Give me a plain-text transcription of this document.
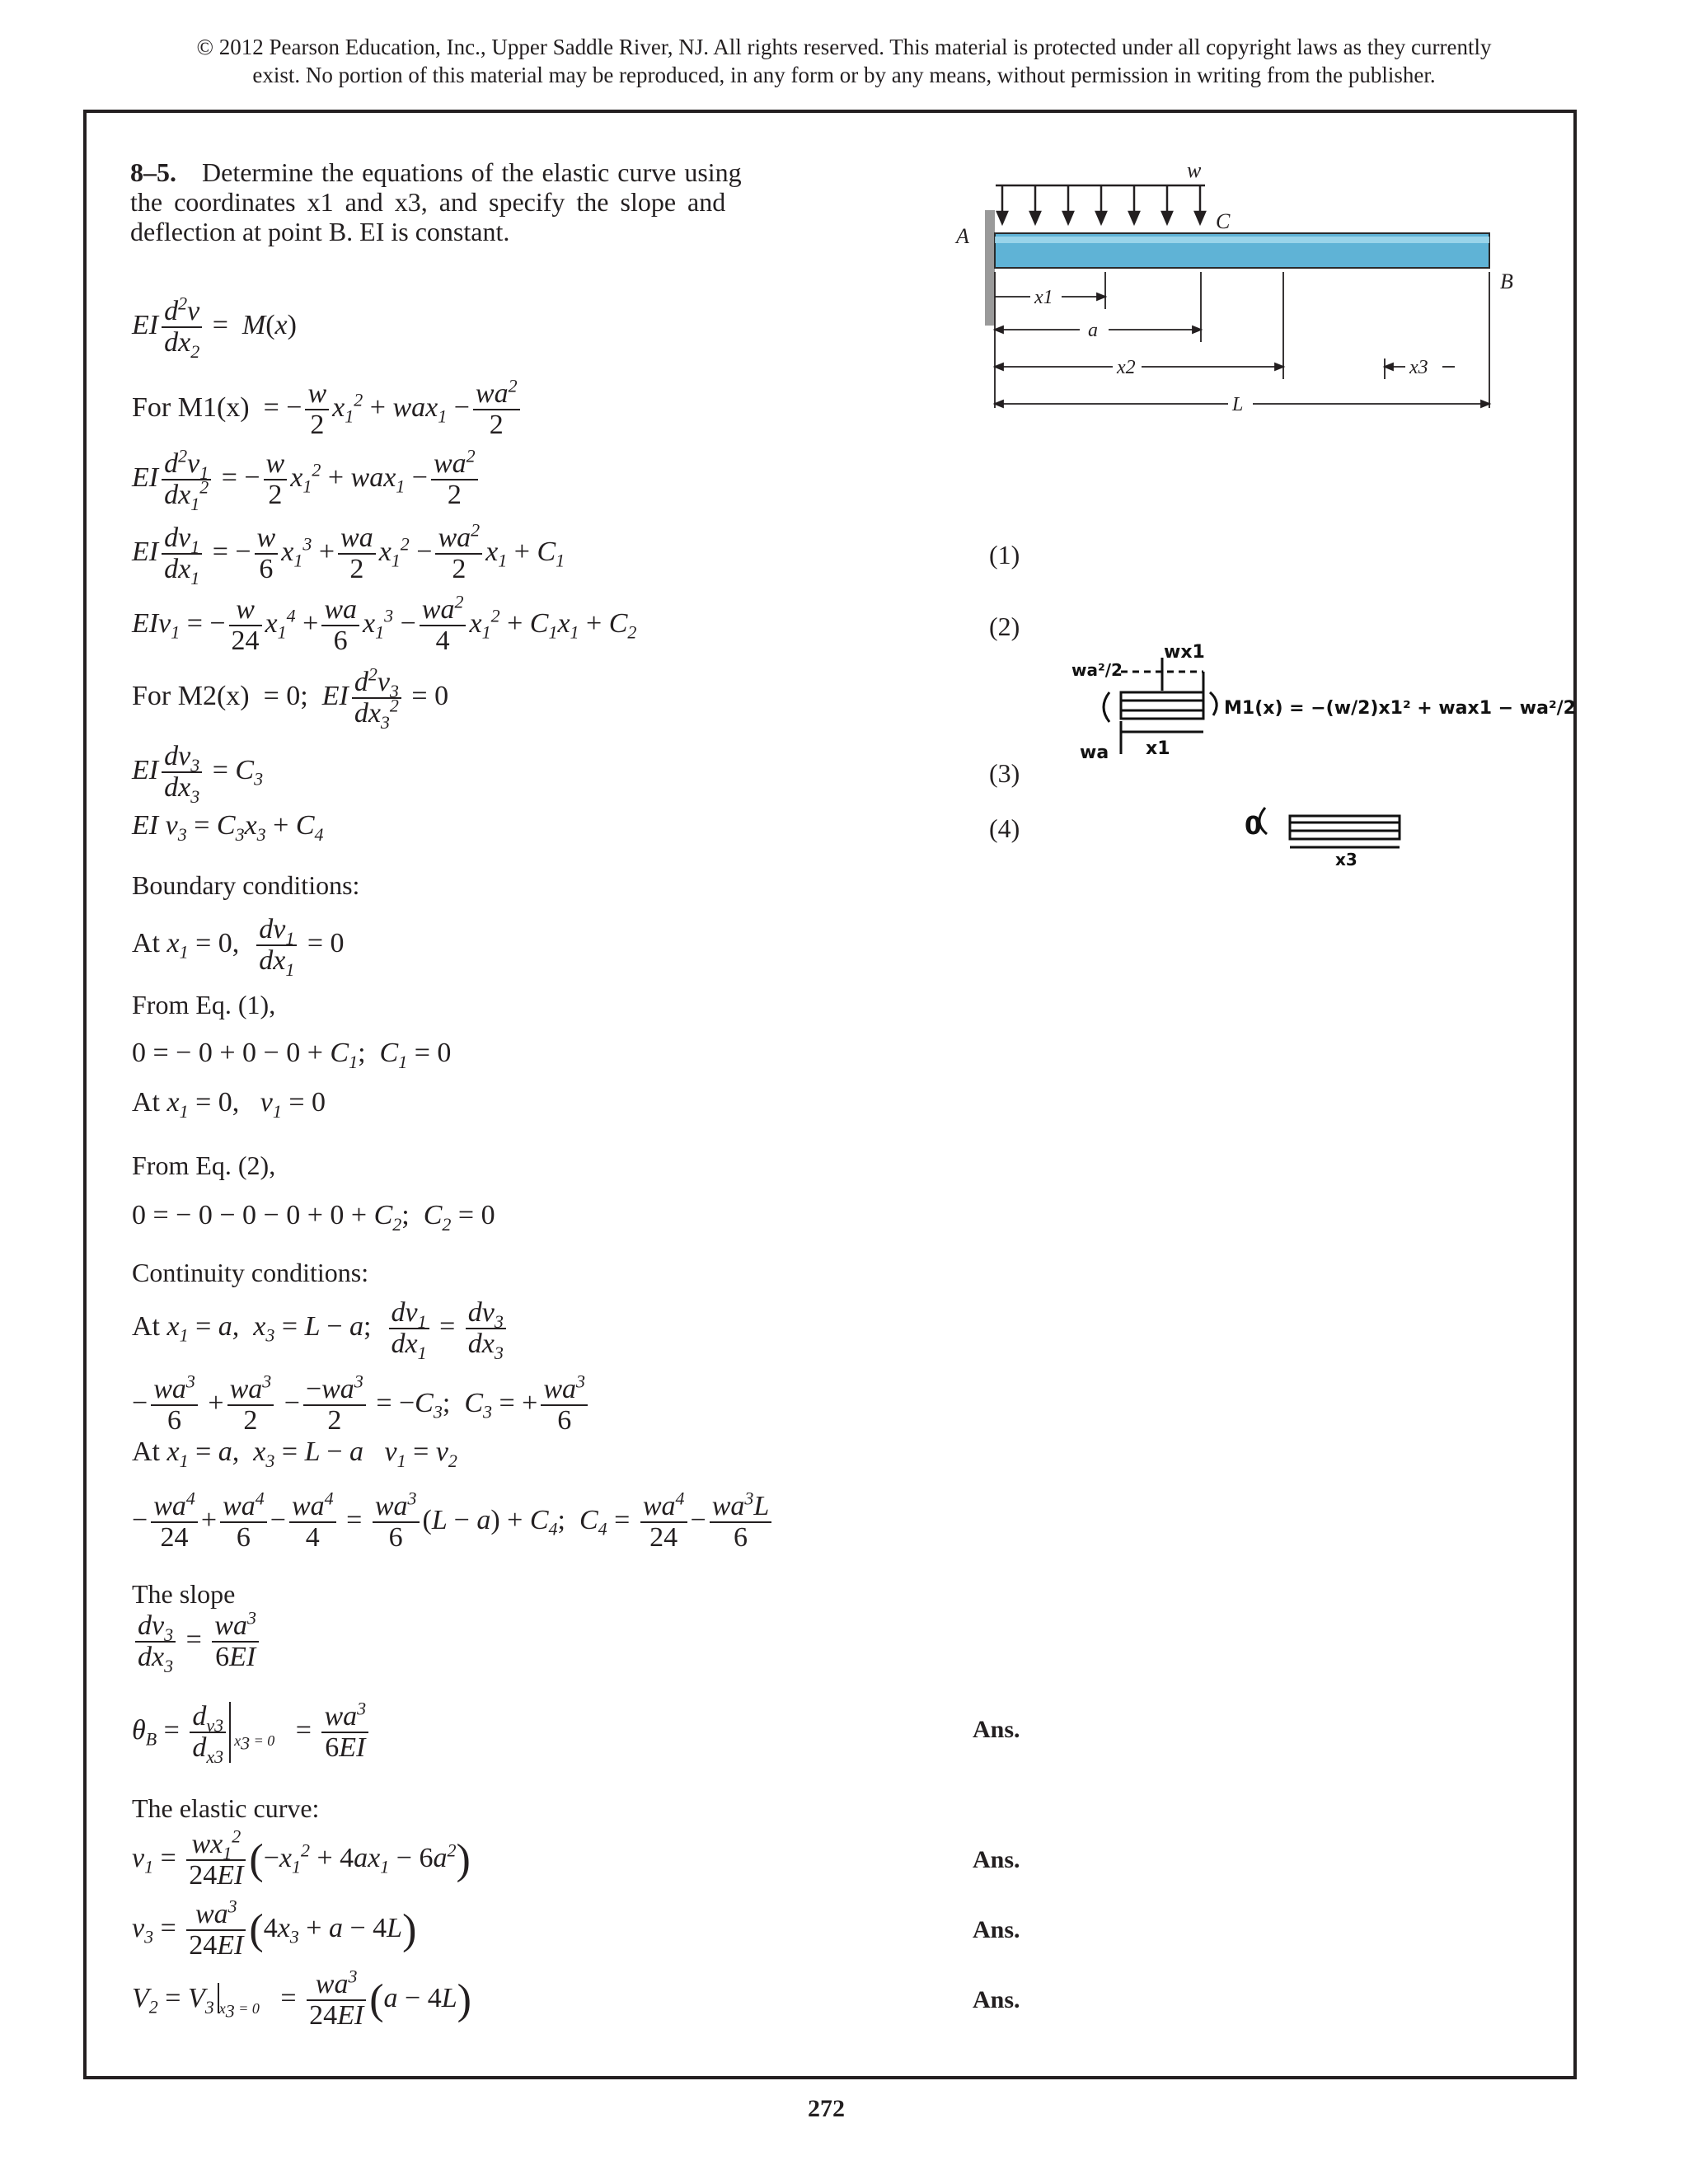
© 2012 Pearson Education, Inc., Upper Saddle River, NJ. All rights reserved. This material is protected under all copyright laws as they currently
exist. No portion of this material may be reproduced, in any form or by any means, without permission in writing from the publisher.
8–5. Determine the equations of the elastic curve using
the coordinates x1 and x3, and specify the slope and
deflection at point B. EI is constant.
w
C
A
B
x1
a
x2	x3
L
wx1
wa²/2
wa x1
M1(x) = −(w/2)x1² + wax1 − wa²/2
0
x3
EI $\frac{d^2v}{dx_2} = M(x)$
For M1(x) = − $\frac{w}{2} x_1^2 + wax_1 - \frac{wa^2}{2}$
EI $\frac{d^2v_1}{dx_1^2}$ = − $\frac{w}{2} x_1^2 + wax_1 - \frac{wa^2}{2}$
EI $\frac{dv_1}{dx_1}$ = − $\frac{w}{6} x_1^3 + \frac{wa}{2} x_1^2 - \frac{wa^2}{2} x_1 + C_1$	(1)
EIv$_1$ = − $\frac{w}{24} x_1^4 + \frac{wa}{6} x_1^3 - \frac{wa^2}{4} x_1^2 + C_1x_1 + C_2$	(2)
For M2(x) = 0;  EI $\frac{d^2v_3}{dx_3^2} = 0$
EI $\frac{dv_3}{dx_3} = C_3$	(3)
EI $v_3 = C_3x_3 + C_4$	(4)
Boundary conditions:
At $x_1 = 0$, $\frac{dv_1}{dx_1} = 0$
From Eq. (1),
0 = − $0 + 0 - 0 + C_1$;  $C_1 = 0$
At $x_1 = 0$,   $v_1 = 0$
From Eq. (2),
0 = − $0 - 0 - 0 + 0 + C_2$;  $C_2 = 0$
Continuity conditions:
At $x_1 = a$,  $x_3 = L - a$; $\frac{dv_1}{dx_1} = \frac{dv_3}{dx_3}$
− $\frac{wa^3}{6} + \frac{wa^3}{2} - \frac{-wa^3}{2} = -C_3$;  $C_3$ = + $\frac{wa^3}{6}$
At $x_1 = a$,  $x_3 = L - a$   $v_1 = v_2$
− $\frac{wa^4}{24} + \frac{wa^4}{6} - \frac{wa^4}{4} = \frac{wa^3}{6} (L - a) + C_4$;  $C_4 = \frac{wa^4}{24} - \frac{wa^3L}{6}$
The slope
$\frac{dv_3}{dx_3} = \frac{wa^3}{6EI}$
$\theta_B = \frac{d_{v3}}{d_{x3}} _{x_3 = 0} = \frac{wa^3}{6EI}$	Ans.
The elastic curve:
$v_1 = \frac{wx_1^2}{24EI} (-x_1^2 + 4ax_1 - 6a^2)$	Ans.
$v_3 = \frac{wa^3}{24EI} (4x_3 + a - 4L)$	Ans.
$V_2 = V_3$ $_{x_3 = 0} = \frac{wa^3}{24EI} (a - 4L)$	Ans.
272
